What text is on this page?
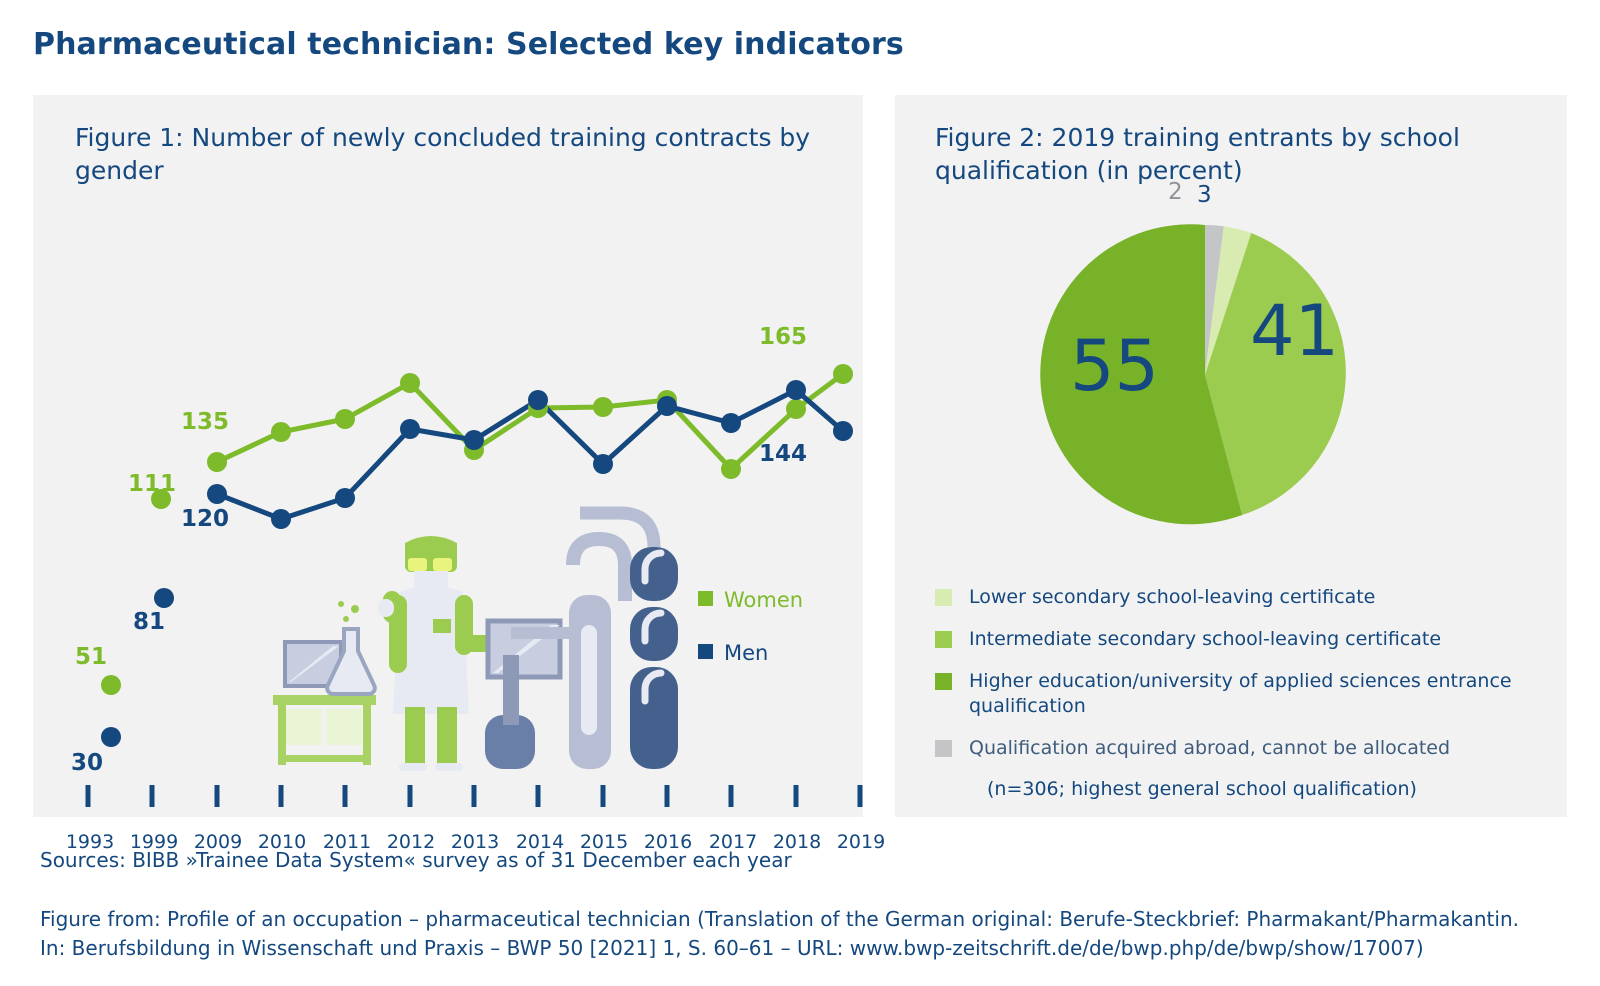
Pharmaceutical technician: Selected key indicators
Figure 1: Number of newly concluded training contracts by gender
51
30
111
81
135
120
165
144
1993 1999 2009 2010 2011 2012 2013 2014 2015 2016 2017 2018 2019
Women
Men
Figure 2: 2019 training entrants by school qualification (in percent)
55 41
2 3
Lower secondary school-leaving certificate
Intermediate secondary school-leaving certificate
Higher education/university of applied sciences entrance qualification
Qualification acquired abroad, cannot be allocated
(n=306; highest general school qualification)
Sources: BIBB »Trainee Data System« survey as of 31 December each year
Figure from: Profile of an occupation – pharmaceutical technician (Translation of the German original: Berufe-Steckbrief: Pharmakant/Pharmakantin.
In: Berufsbildung in Wissenschaft und Praxis – BWP 50 [2021] 1, S. 60–61 – URL: www.bwp-zeitschrift.de/de/bwp.php/de/bwp/show/17007)
